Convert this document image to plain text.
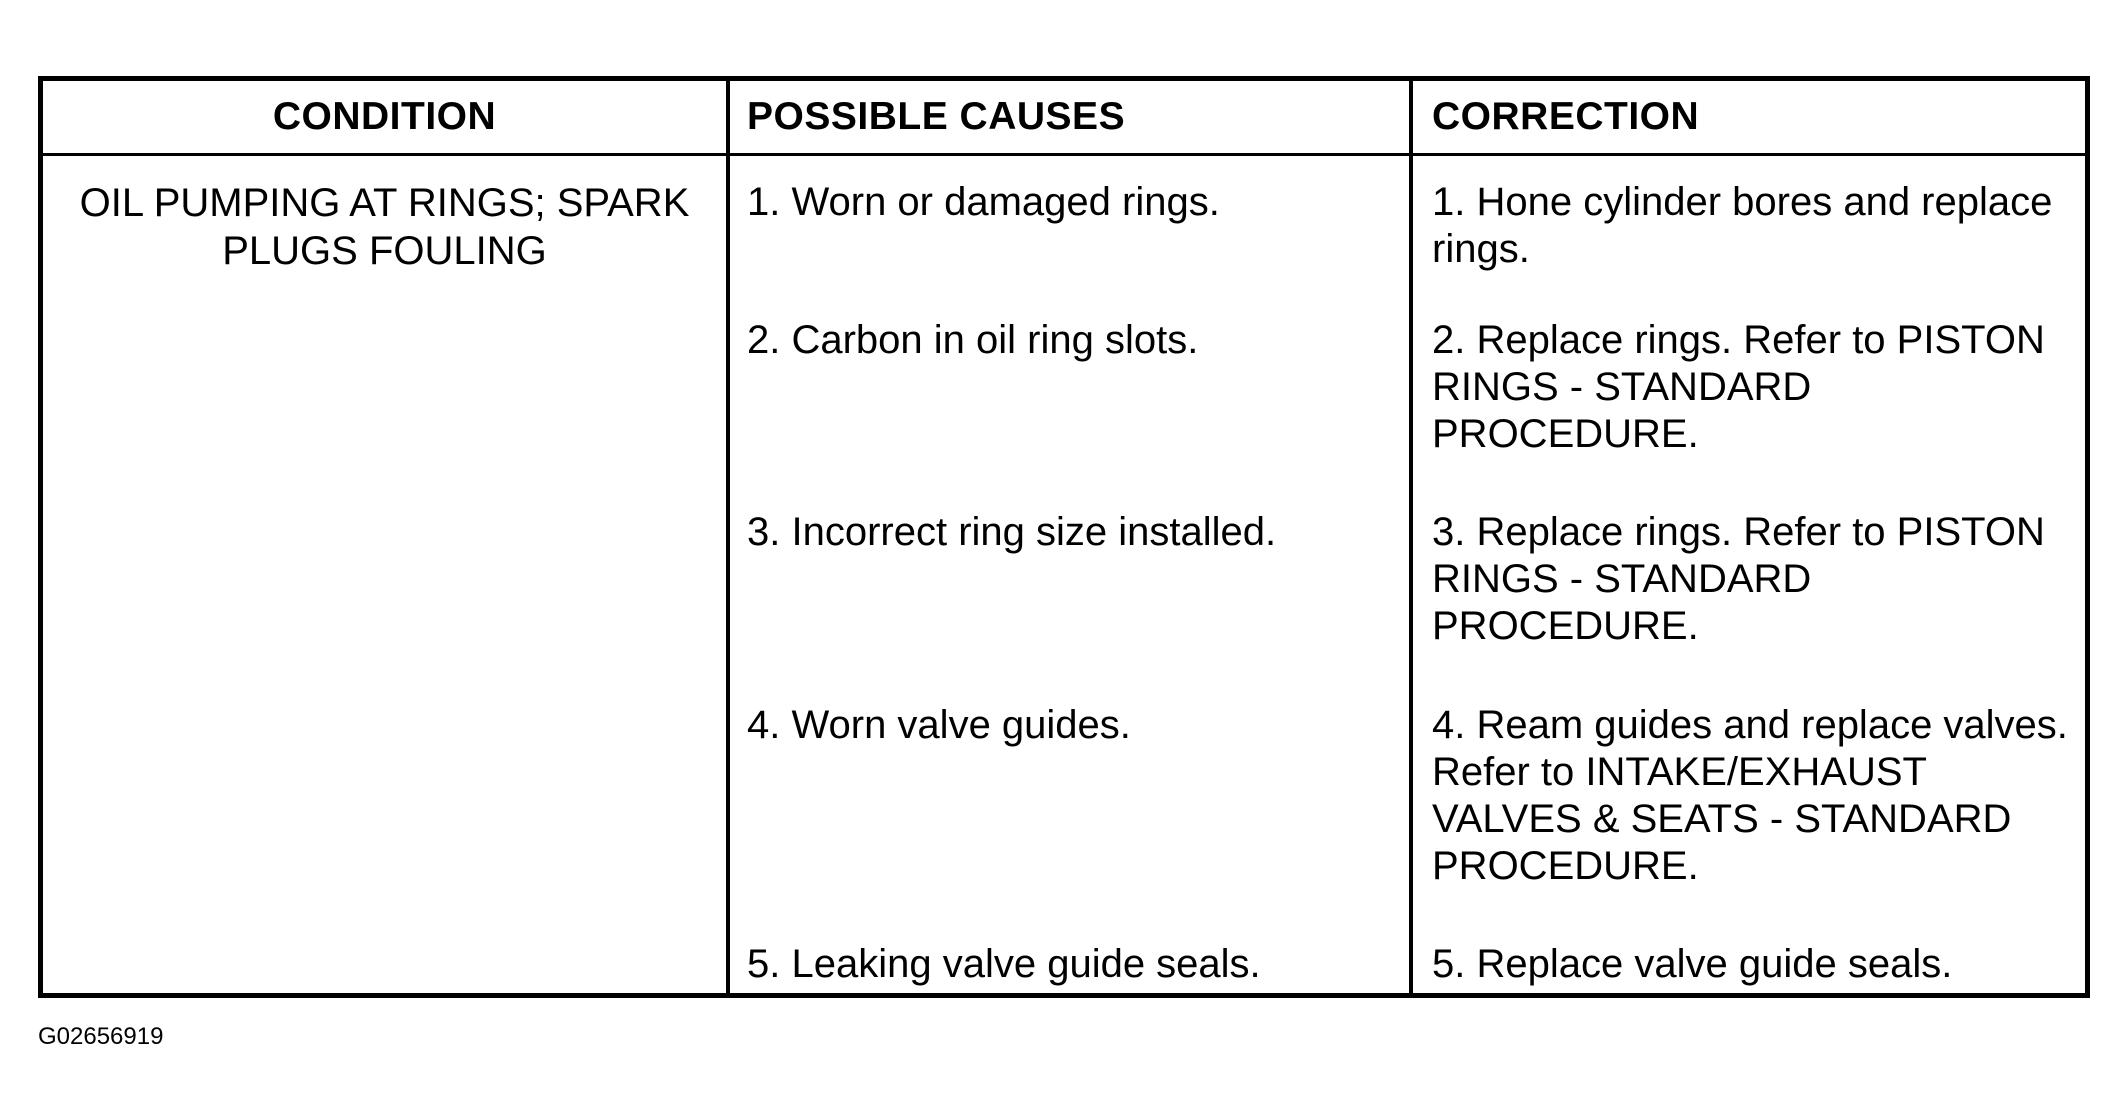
CONDITION	POSSIBLE CAUSES	CORRECTION
OIL PUMPING AT RINGS; SPARK PLUGS FOULING
1. Worn or damaged rings.	1. Hone cylinder bores and replace rings.
2. Carbon in oil ring slots.	2. Replace rings. Refer to PISTON RINGS - STANDARD PROCEDURE.
3. Incorrect ring size installed.	3. Replace rings. Refer to PISTON RINGS - STANDARD PROCEDURE.
4. Worn valve guides.	4. Ream guides and replace valves. Refer to INTAKE/EXHAUST VALVES & SEATS - STANDARD PROCEDURE.
5. Leaking valve guide seals.	5. Replace valve guide seals.
G02656919
